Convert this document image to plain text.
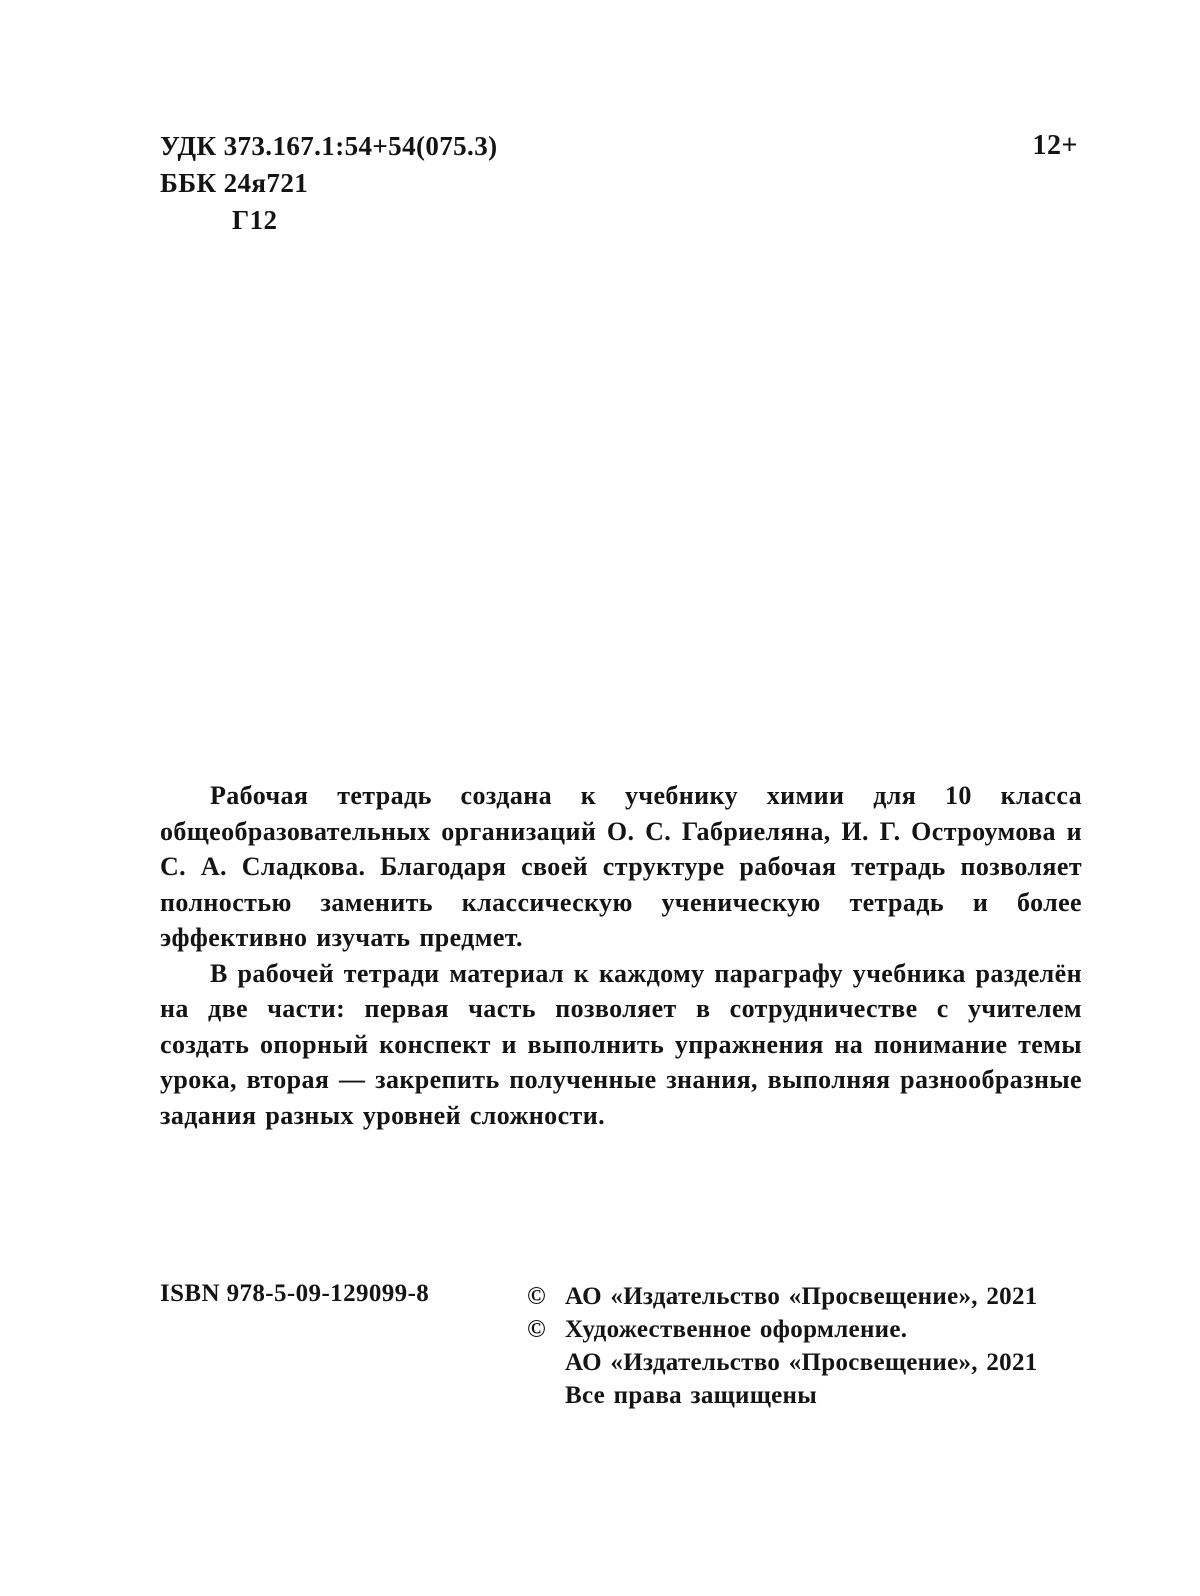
УДК 373.167.1:54+54(075.3)
ББК 24я721
Г12
12+

Рабочая тетрадь создана к учебнику химии для 10 класса общеобразовательных организаций О. С. Габриеляна, И. Г. Остроумова и С. А. Сладкова. Благодаря своей структуре рабочая тетрадь позволяет полностью заменить классическую ученическую тетрадь и более эффективно изучать предмет.

В рабочей тетради материал к каждому параграфу учебника разделён на две части: первая часть позволяет в сотрудничестве с учителем создать опорный конспект и выполнить упражнения на понимание темы урока, вторая — закрепить полученные знания, выполняя разнообразные задания разных уровней сложности.

ISBN 978-5-09-129099-8	© АО «Издательство «Просвещение», 2021
© Художественное оформление.
АО «Издательство «Просвещение», 2021
Все права защищены
